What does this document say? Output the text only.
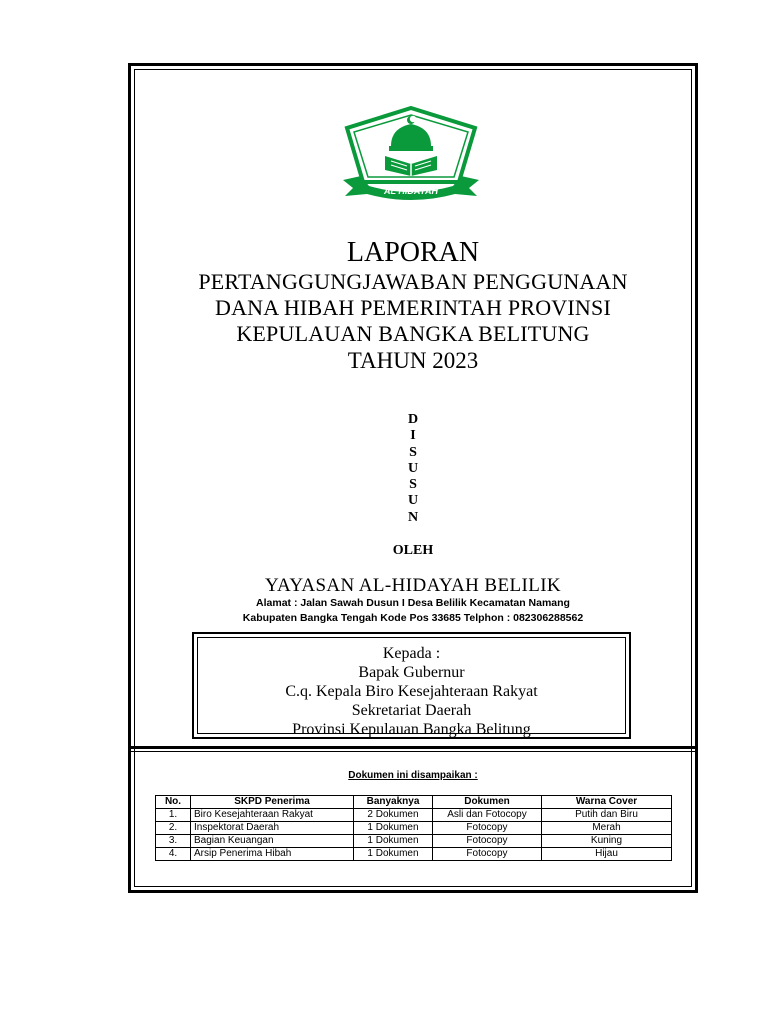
AL HIDAYAH
LAPORAN
PERTANGGUNGJAWABAN PENGGUNAAN
DANA HIBAH PEMERINTAH PROVINSI
KEPULAUAN BANGKA BELITUNG
TAHUN 2023
D
I
S
U
S
U
N
OLEH
YAYASAN AL-HIDAYAH BELILIK
Alamat : Jalan Sawah Dusun I Desa Belilik Kecamatan Namang
Kabupaten Bangka Tengah Kode Pos 33685 Telphon : 082306288562
Kepada :
Bapak Gubernur
C.q. Kepala Biro Kesejahteraan Rakyat
Sekretariat Daerah
Provinsi Kepulauan Bangka Belitung
Dokumen ini disampaikan :
No.	SKPD Penerima	Banyaknya	Dokumen	Warna Cover
1.	Biro Kesejahteraan Rakyat	2 Dokumen	Asli dan Fotocopy	Putih dan Biru
2.	Inspektorat Daerah	1 Dokumen	Fotocopy	Merah
3.	Bagian Keuangan	1 Dokumen	Fotocopy	Kuning
4.	Arsip Penerima Hibah	1 Dokumen	Fotocopy	Hijau
